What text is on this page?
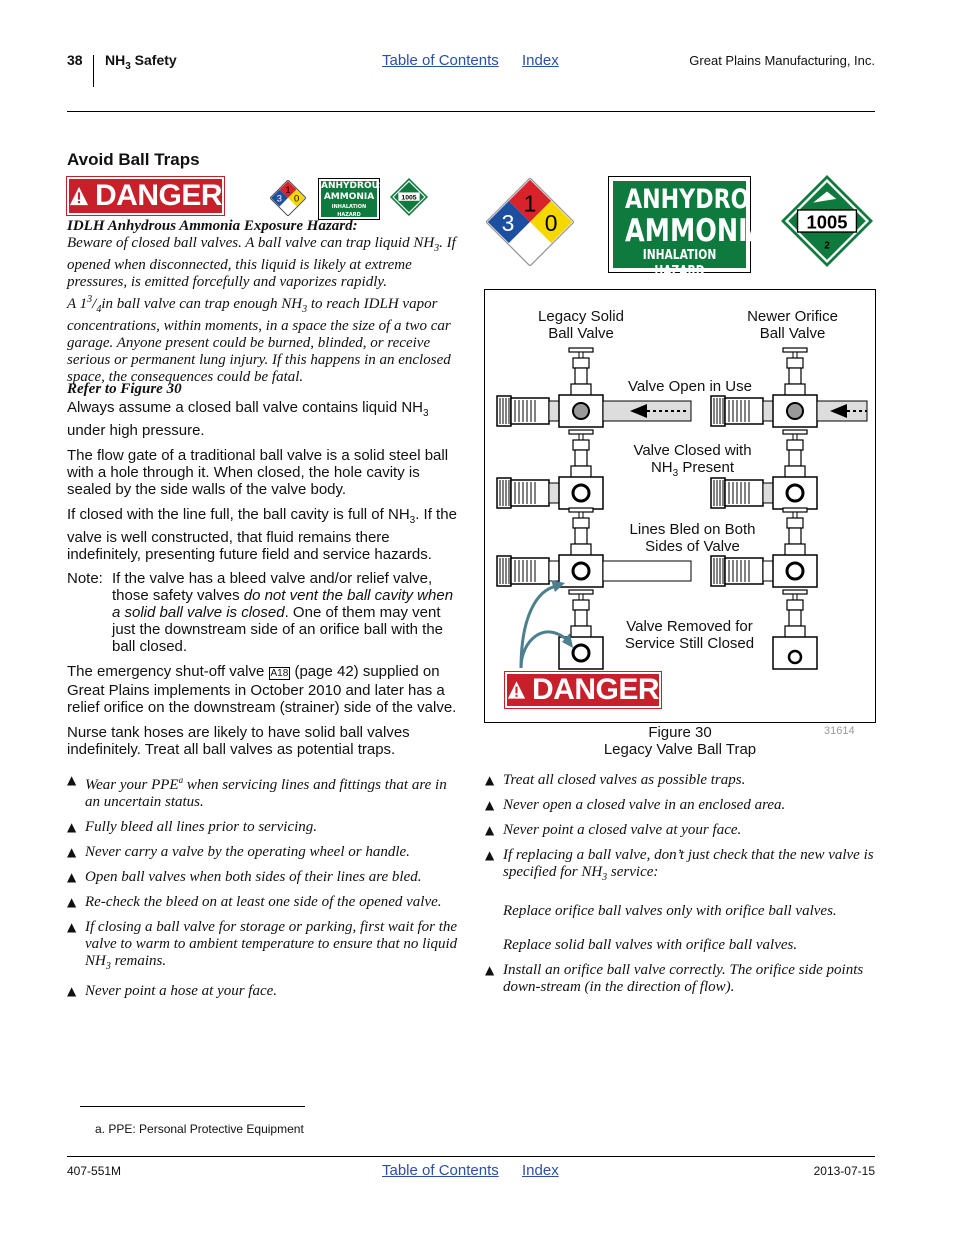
38 $NH_3$ Safety	Table of Contents Index	Great Plains Manufacturing, Inc.
Avoid Ball Traps
DANGER 1
3 0
ANHYDROUS
AMMONIA
INHALATION HAZARD
1005
IDLH Anhydrous Ammonia Exposure Hazard:
Beware of closed ball valves. A ball valve can trap liquid $NH_3$. If opened when disconnected, this liquid is likely at extreme pressures, is emitted forcefully and vaporizes rapidly.
A $1^3/_4in$ ball valve can trap enough $NH_3$ to reach IDLH vapor concentrations, within moments, in a space the size of a two car garage. Anyone present could be burned, blinded, or receive serious or permanent lung injury. If this happens in an enclosed space, the consequences could be fatal.
Refer to Figure 30

Always assume a closed ball valve contains liquid $NH_3$ under high pressure.

The flow gate of a traditional ball valve is a solid steel ball with a hole through it. When closed, the hole cavity is sealed by the side walls of the valve body.

If closed with the line full, the ball cavity is full of $NH_3$. If the valve is well constructed, that fluid remains there indefinitely, presenting future field and service hazards.

Note: If the valve has a bleed valve and/or relief valve, those safety valves do not vent the ball cavity when a solid ball valve is closed. One of them may vent just the downstream side of an orifice ball with the ball closed.

The emergency shut-off valve A18 (page 42) supplied on Great Plains implements in October 2010 and later has a relief orifice on the downstream (strainer) side of the valve.

Nurse tank hoses are likely to have solid ball valves indefinitely. Treat all ball valves as potential traps.

▲ Wear your PPE$^a$ when servicing lines and fittings that are in an uncertain status.
▲ Fully bleed all lines prior to servicing.
▲ Never carry a valve by the operating wheel or handle.
▲ Open ball valves when both sides of their lines are bled.
▲ Re-check the bleed on at least one side of the opened valve.
▲ If closing a ball valve for storage or parking, first wait for the valve to warm to ambient temperature to ensure that no liquid $NH_3$ remains.
▲ Never point a hose at your face.
1
3 0
ANHYDROUS
AMMONIA
INHALATION HAZARD
1005
2
Legacy Solid Ball Valve
Newer Orifice Ball Valve
Valve Open in Use
Valve Closed with
$NH_3$ Present
Lines Bled on Both Sides of Valve
Valve Removed for Service Still Closed
DANGER
Figure 30
Legacy Valve Ball Trap
31614
▲ Treat all closed valves as possible traps.
▲ Never open a closed valve in an enclosed area.
▲ Never point a closed valve at your face.
▲ If replacing a ball valve, don’t just check that the new valve is specified for $NH_3$ service:
Replace orifice ball valves only with orifice ball valves.
Replace solid ball valves with orifice ball valves.
▲ Install an orifice ball valve correctly. The orifice side points down-stream (in the direction of flow).
a. PPE: Personal Protective Equipment
407-551M	Table of Contents Index	2013-07-15
